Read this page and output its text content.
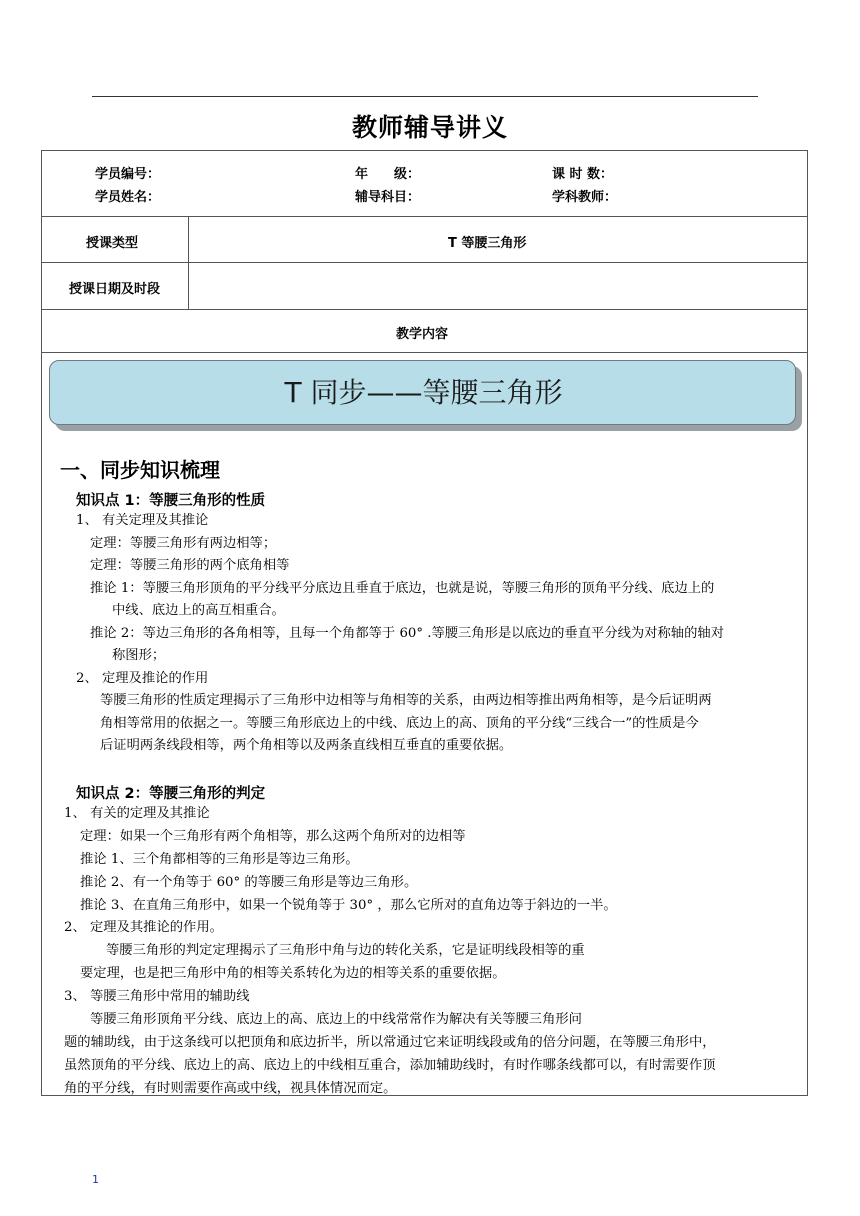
教师辅导讲义
学员编号：	年　　级：	课 时 数：
学员姓名：	辅导科目：	学科教师：
授课类型	T 等腰三角形
授课日期及时段
教学内容
T 同步——等腰三角形
一、同步知识梳理
知识点 1：等腰三角形的性质
1、 有关定理及其推论
定理：等腰三角形有两边相等；
定理：等腰三角形的两个底角相等
推论 1：等腰三角形顶角的平分线平分底边且垂直于底边，也就是说，等腰三角形的顶角平分线、底边上的
中线、底边上的高互相重合。
推论 2：等边三角形的各角相等，且每一个角都等于 60° .等腰三角形是以底边的垂直平分线为对称轴的轴对
称图形；
2、 定理及推论的作用
等腰三角形的性质定理揭示了三角形中边相等与角相等的关系，由两边相等推出两角相等，是今后证明两
角相等常用的依据之一。等腰三角形底边上的中线、底边上的高、顶角的平分线“三线合一”的性质是今
后证明两条线段相等，两个角相等以及两条直线相互垂直的重要依据。
知识点 2：等腰三角形的判定
1、 有关的定理及其推论
定理：如果一个三角形有两个角相等，那么这两个角所对的边相等
推论 1、三个角都相等的三角形是等边三角形。
推论 2、有一个角等于 60° 的等腰三角形是等边三角形。
推论 3、在直角三角形中，如果一个锐角等于 30° ，那么它所对的直角边等于斜边的一半。
2、 定理及其推论的作用。
等腰三角形的判定定理揭示了三角形中角与边的转化关系，它是证明线段相等的重
要定理，也是把三角形中角的相等关系转化为边的相等关系的重要依据。
3、 等腰三角形中常用的辅助线
等腰三角形顶角平分线、底边上的高、底边上的中线常常作为解决有关等腰三角形问
题的辅助线，由于这条线可以把顶角和底边折半，所以常通过它来证明线段或角的倍分问题，在等腰三角形中，
虽然顶角的平分线、底边上的高、底边上的中线相互重合，添加辅助线时，有时作哪条线都可以，有时需要作顶
角的平分线，有时则需要作高或中线，视具体情况而定。
1
